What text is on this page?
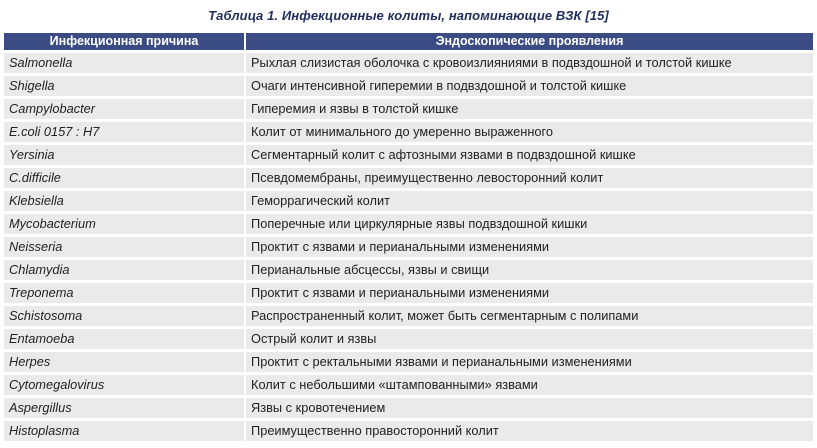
Таблица 1. Инфекционные колиты, напоминающие ВЗК [15]
Инфекционная причина	Эндоскопические проявления
Salmonella	Рыхлая слизистая оболочка с кровоизлияниями в подвздошной и толстой кишке
Shigella	Очаги интенсивной гиперемии в подвздошной и толстой кишке
Campylobacter	Гиперемия и язвы в толстой кишке
E.coli 0157 : H7	Колит от минимального до умеренно выраженного
Yersinia	Сегментарный колит с афтозными язвами в подвздошной кишке
C.difficile	Псевдомембраны, преимущественно левосторонний колит
Klebsiella	Геморрагический колит
Mycobacterium	Поперечные или циркулярные язвы подвздошной кишки
Neisseria	Проктит с язвами и перианальными изменениями
Chlamydia	Перианальные абсцессы, язвы и свищи
Treponema	Проктит с язвами и перианальными изменениями
Schistosoma	Распространенный колит, может быть сегментарным с полипами
Entamoeba	Острый колит и язвы
Herpes	Проктит с ректальными язвами и перианальными изменениями
Cytomegalovirus	Колит с небольшими «штампованными» язвами
Aspergillus	Язвы с кровотечением
Histoplasma	Преимущественно правосторонний колит
